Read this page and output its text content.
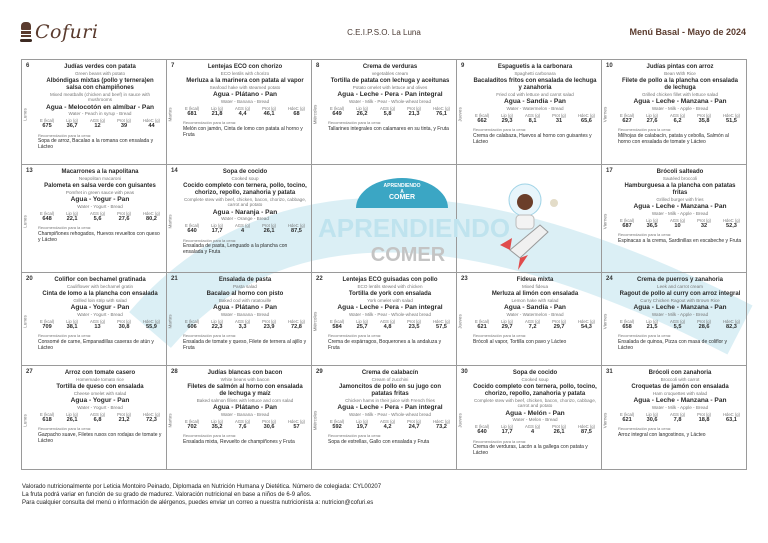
Cofuri	C.E.I.P.S.O. La Luna	Menú Basal - Mayo de 2024
APRENDIENDO
A
COMER
APRENDIENDO
COMER
6
Lunes
Judías verdes con patata
Green beans with potato
Albóndigas mixtas (pollo y ternera)en salsa con champiñones
Mixed meatballs (chicken and beef) in sauce with mushrooms
Agua - Melocotón en almíbar - Pan
Water - Peach in syrup - Bread
E (kcal)
675
Lip (g)
36,7
AGS (g)
12
Prot (g)
39
HdeC (g)
44
Recomendación para la cena:
Sopa de arroz, Bacalao a la romana con ensalada y Lácteo
7
Martes
Lentejas ECO con chorizo
ECO lentils with chorizo
Merluza a la marinera con patata al vapor
Seafood hake with steamed potato
Agua - Plátano - Pan
Water - Banana - Bread
E (kcal)
681
Lip (g)
21,8
AGS (g)
4,4
Prot (g)
46,1
HdeC (g)
68
Recomendación para la cena:
Melón con jamón, Cinta de lomo con patata al horno y Fruta
8
Miércoles
Crema de verduras
vegetables cream
Tortilla de patata con lechuga y aceitunas
Potato omelet with lettuce and olives
Agua - Leche - Pera - Pan integral
Water - Milk - Pear - Whole-wheat bread
E (kcal)
649
Lip (g)
26,2
AGS (g)
5,8
Prot (g)
21,3
HdeC (g)
76,1
Recomendación para la cena:
Tallarines integrales con calamares en su tinta, y Fruta
9
Jueves
Espaguetis a la carbonara
Spaghetti carbonara
Bacaladitos fritos con ensalada de lechuga y zanahoria
Fried cod with lettuce and carrot salad
Agua - Sandía - Pan
Water - Watermelon - Bread
E (kcal)
662
Lip (g)
29,3
AGS (g)
8,1
Prot (g)
31
HdeC (g)
65,6
Recomendación para la cena:
Crema de calabaza, Huevos al horno con guisantes y Lácteo
10
Viernes
Judías pintas con arroz
Bean With Rice
Filete de pollo a la plancha con ensalada de lechuga
Grilled chicken fillet with lettuce salad
Agua - Leche - Manzana - Pan
Water - Milk - Apple - Bread
E (kcal)
627
Lip (g)
27,6
AGS (g)
6,2
Prot (g)
35,8
HdeC (g)
51,5
Recomendación para la cena:
Milhojas de calabacín, patata y cebolla, Salmón al horno con ensalada de tomate y Lácteo
13
Lunes
Macarrones a la napolitana
Neapolitan macaroni
Palometa en salsa verde con guisantes
Pomfret in green sauce with peas
Agua - Yogur - Pan
Water - Yogurt - Bread
E (kcal)
648
Lip (g)
22,1
AGS (g)
5,6
Prot (g)
27,6
HdeC (g)
80,2
Recomendación para la cena:
Champiñones rehogados, Huevos revueltos con queso y Lácteo
14
Martes
Sopa de cocido
Cooked soup
Cocido completo con ternera, pollo, tocino, chorizo, repollo, zanahoria y patata
Complete stew with beef, chicken, bacon, chorizo, cabbage, carrot and potato
Agua - Naranja - Pan
Water - Orange - Bread
E (kcal)
640
Lip (g)
17,7
AGS (g)
4
Prot (g)
26,1
HdeC (g)
87,5
Recomendación para la cena:
Ensalada de pasta, Lenguado a la plancha con ensalada y Fruta
17
Viernes
Brócoli salteado
Sautéed broccoli
Hamburguesa a la plancha con patatas fritas
Grilled burger with fries
Agua - Leche - Manzana - Pan
Water - Milk - Apple - Bread
E (kcal)
687
Lip (g)
36,5
AGS (g)
10
Prot (g)
32
HdeC (g)
52,3
Recomendación para la cena:
Espinacas a la crema, Sardinillas en escabeche y Fruta
20
Lunes
Coliflor con bechamel gratinada
Cauliflower with bechamel gratin
Cinta de lomo a la plancha con ensalada
Grilled loin strip with salad
Agua - Yogur - Pan
Water - Yogurt - Bread
E (kcal)
709
Lip (g)
38,1
AGS (g)
13
Prot (g)
30,8
HdeC (g)
55,9
Recomendación para la cena:
Consomé de carne, Empanadillas caseras de atún y Lácteo
21
Martes
Ensalada de pasta
Pasta salad
Bacalao al horno con pisto
Baked cod with ratatouille
Agua - Plátano - Pan
Water - Banana - Bread
E (kcal)
606
Lip (g)
22,3
AGS (g)
3,3
Prot (g)
23,9
HdeC (g)
72,8
Recomendación para la cena:
Ensalada de tomate y queso, Filete de ternera al ajillo y Fruta
22
Miércoles
Lentejas ECO guisadas con pollo
ECO lentils stewed with chicken
Tortilla de york con ensalada
York omelet with salad
Agua - Leche - Pera - Pan integral
Water - Milk - Pear - Whole-wheat bread
E (kcal)
584
Lip (g)
25,7
AGS (g)
4,8
Prot (g)
23,5
HdeC (g)
57,5
Recomendación para la cena:
Crema de espárragos, Boquerones a la andaluza y Fruta
23
Jueves
Fideua mixta
Mixed fideua
Merluza al limón con ensalada
Lemon hake with salad
Agua - Sandía - Pan
Water - Watermelon - Bread
E (kcal)
621
Lip (g)
29,7
AGS (g)
7,2
Prot (g)
29,7
HdeC (g)
54,3
Recomendación para la cena:
Brócoli al vapor, Tortilla con pavo y Lácteo
24
Viernes
Crema de puerros y zanahoria
Leek and carrot cream
Ragout de pollo al curry con arroz integral
Curry Chicken Ragout with Brown Rice
Agua - Leche - Manzana - Pan
Water - Milk - Apple - Bread
E (kcal)
658
Lip (g)
21,5
AGS (g)
5,5
Prot (g)
28,6
HdeC (g)
82,3
Recomendación para la cena:
Ensalada de quinoa, Pizza con masa de coliflor y Lácteo
27
Lunes
Arroz con tomate casero
Homemade tomato rice
Tortilla de queso con ensalada
Cheese omelet with salad
Agua - Yogur - Pan
Water - Yogurt - Bread
E (kcal)
618
Lip (g)
26,1
AGS (g)
6,8
Prot (g)
21,2
HdeC (g)
72,3
Recomendación para la cena:
Gazpacho suave, Filetes rusos con rodajas de tomate y Lácteo
28
Martes
Judías blancas con bacon
White beans with bacon
Filetes de salmón al horno con ensalada de lechuga y maíz
Baked salmon fillets with lettuce and corn salad
Agua - Plátano - Pan
Water - Banana - Bread
E (kcal)
702
Lip (g)
35,2
AGS (g)
7,6
Prot (g)
30,6
HdeC (g)
57
Recomendación para la cena:
Ensalada mixta, Revuelto de champiñones y Fruta
29
Miércoles
Crema de calabacín
Cream of zucchini
Jamoncitos de pollo en su jugo con patatas fritas
Chicken hams in their juice with French fries
Agua - Leche - Pera - Pan integral
Water - Milk - Pear - Whole-wheat bread
E (kcal)
592
Lip (g)
19,7
AGS (g)
4,2
Prot (g)
24,7
HdeC (g)
73,2
Recomendación para la cena:
Sopa de estrellas, Gallo con ensalada y Fruta
30
Jueves
Sopa de cocido
Cooked soup
Cocido completo con ternera, pollo, tocino, chorizo, repollo, zanahoria y patata
Complete stew with beef, chicken, bacon, chorizo, cabbage, carrot and potato
Agua - Melón - Pan
Water - Melon - Bread
E (kcal)
640
Lip (g)
17,7
AGS (g)
4
Prot (g)
26,1
HdeC (g)
87,5
Recomendación para la cena:
Crema de verduras, Lacón a la gallega con patata y Lácteo
31
Viernes
Brócoli con zanahoria
Broccoli with carrot
Croquetas de jamón con ensalada
Ham croquettes with salad
Agua - Leche - Manzana - Pan
Water - Milk - Apple - Bread
E (kcal)
621
Lip (g)
30,6
AGS (g)
7,8
Prot (g)
18,8
HdeC (g)
63,1
Recomendación para la cena:
Arroz integral con langostinos, y Lácteo
Valorado nutricionalmente por Leticia Montoiro Peinado, Diplomada en Nutrición Humana y Dietética. Número de colegiada: CYL00207
La fruta podrá variar en función de su grado de madurez. Valoración nutricional en base a niños de 6-9 años.
Para cualquier consulta del menú o información de alérgenos, puedes enviar un correo a nuestra nutricionista a: nutricion@cofuri.es
